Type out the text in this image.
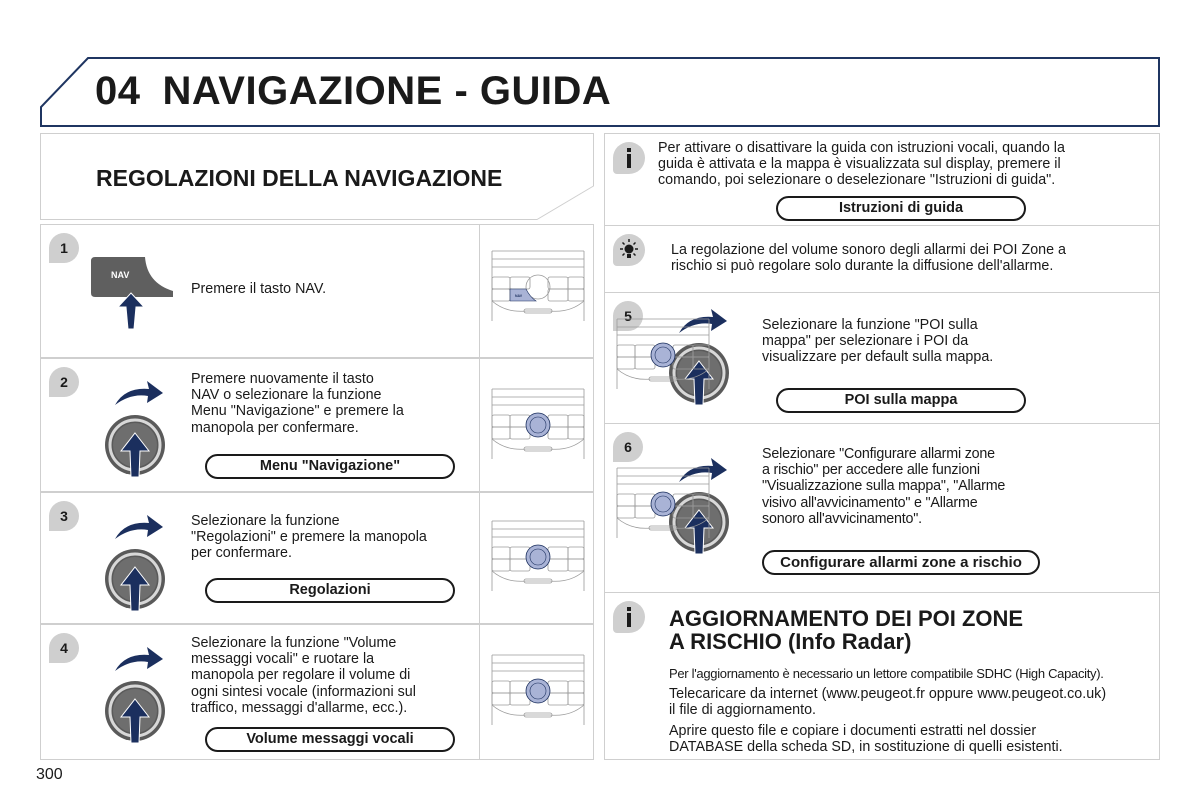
04 NAVIGAZIONE - GUIDA
REGOLAZIONI DELLA NAVIGAZIONE
1
NAV
Premere il tasto NAV.	NAV
2	Premere nuovamente il tasto
NAV o selezionare la funzione
Menu "Navigazione" e premere la
manopola per confermare.
Menu "Navigazione"
3	Selezionare la funzione
"Regolazioni" e premere la manopola
per confermare.
Regolazioni
4	Selezionare la funzione "Volume
messaggi vocali" e ruotare la
manopola per regolare il volume di
ogni sintesi vocale (informazioni sul
traffico, messaggi d'allarme, ecc.).
Volume messaggi vocali
Per attivare o disattivare la guida con istruzioni vocali, quando la
guida è attivata e la mappa è visualizzata sul display, premere il
comando, poi selezionare o deselezionare "Istruzioni di guida".
Istruzioni di guida
La regolazione del volume sonoro degli allarmi dei POI Zone a
rischio si può regolare solo durante la diffusione dell'allarme.
5
Selezionare la funzione "POI sulla
mappa" per selezionare i POI da
visualizzare per default sulla mappa.
POI sulla mappa
6	Selezionare "Configurare allarmi zone
a rischio" per accedere alle funzioni
"Visualizzazione sulla mappa", "Allarme
visivo all'avvicinamento" e "Allarme
sonoro all'avvicinamento".
Configurare allarmi zone a rischio
AGGIORNAMENTO DEI POI ZONE
A RISCHIO (Info Radar)
Per l'aggiornamento è necessario un lettore compatibile SDHC (High Capacity).
Telecaricare da internet (www.peugeot.fr oppure www.peugeot.co.uk)
il file di aggiornamento.
Aprire questo file e copiare i documenti estratti nel dossier
DATABASE della scheda SD, in sostituzione di quelli esistenti.
300
